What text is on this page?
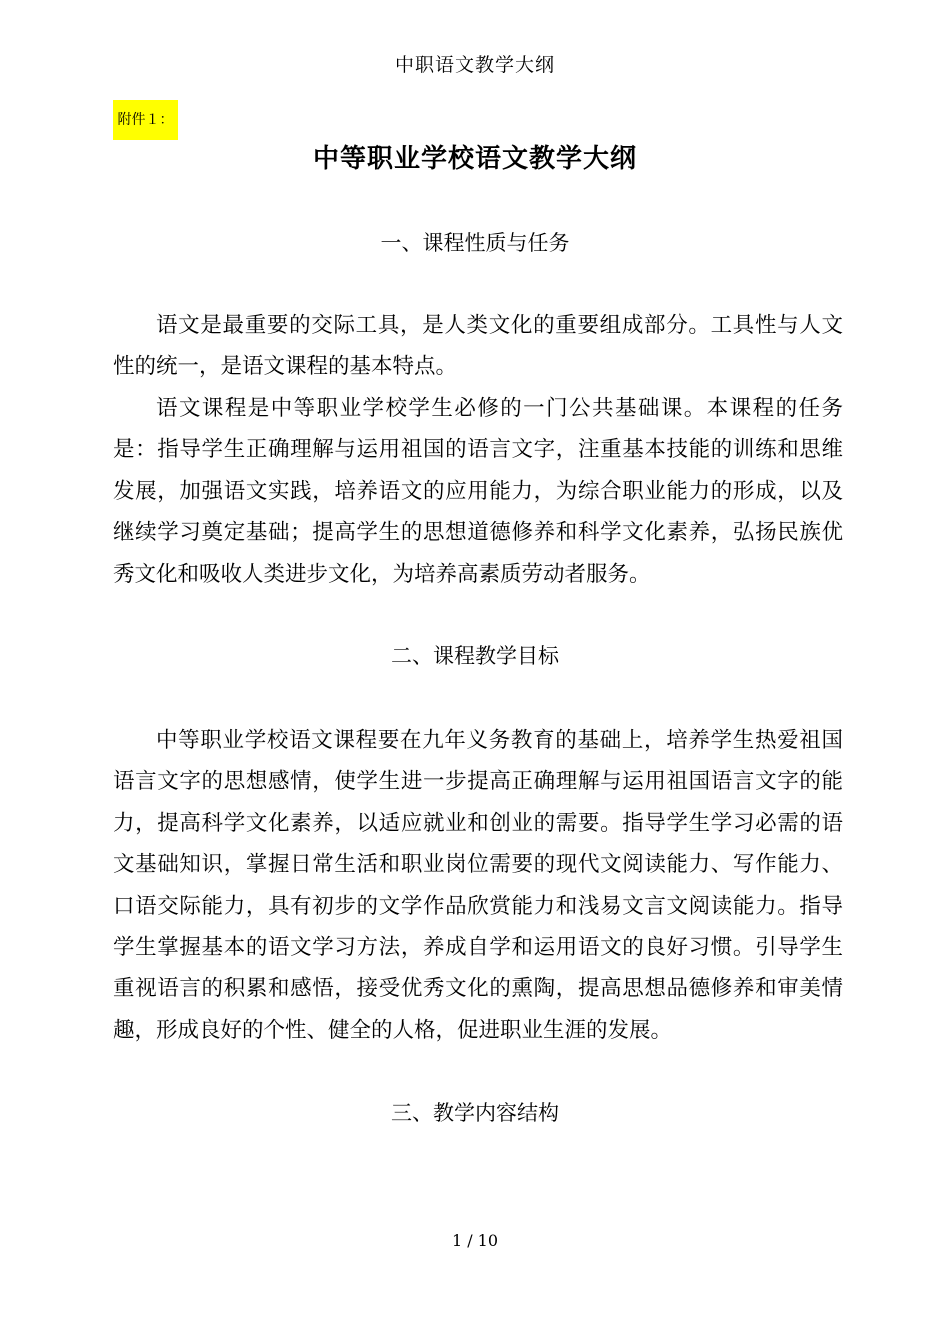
中职语文教学大纲
附件１：
中等职业学校语文教学大纲
一、课程性质与任务

语文是最重要的交际工具，是人类文化的重要组成部分。工具性与人文性的统一，是语文课程的基本特点。

语文课程是中等职业学校学生必修的一门公共基础课。本课程的任务是：指导学生正确理解与运用祖国的语言文字，注重基本技能的训练和思维发展，加强语文实践，培养语文的应用能力，为综合职业能力的形成，以及继续学习奠定基础；提高学生的思想道德修养和科学文化素养，弘扬民族优秀文化和吸收人类进步文化，为培养高素质劳动者服务。

二、课程教学目标

中等职业学校语文课程要在九年义务教育的基础上，培养学生热爱祖国语言文字的思想感情，使学生进一步提高正确理解与运用祖国语言文字的能力，提高科学文化素养，以适应就业和创业的需要。指导学生学习必需的语文基础知识，掌握日常生活和职业岗位需要的现代文阅读能力、写作能力、口语交际能力，具有初步的文学作品欣赏能力和浅易文言文阅读能力。指导学生掌握基本的语文学习方法，养成自学和运用语文的良好习惯。引导学生重视语言的积累和感悟，接受优秀文化的熏陶，提高思想品德修养和审美情趣，形成良好的个性、健全的人格，促进职业生涯的发展。

三、教学内容结构
1 / 10
